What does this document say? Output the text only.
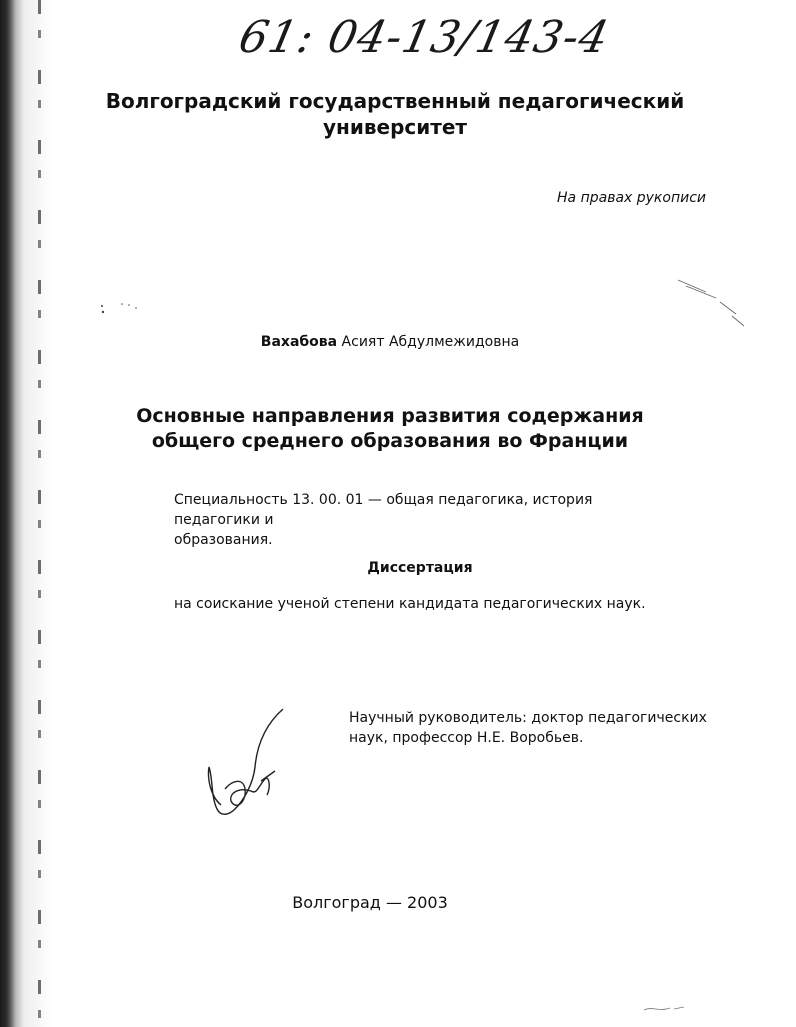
61: 04-13/143-4
Волгоградский государственный педагогический
университет
На правах рукописи
Вахабова Асият Абдулмежидовна
Основные направления развития содержания
общего среднего образования во Франции
Специальность 13. 00. 01 — общая педагогика, история педагогики и
образования.
Диссертация
на соискание ученой степени кандидата педагогических наук.
Научный руководитель: доктор педагогических
наук, профессор Н.Е. Воробьев.
Волгоград — 2003
